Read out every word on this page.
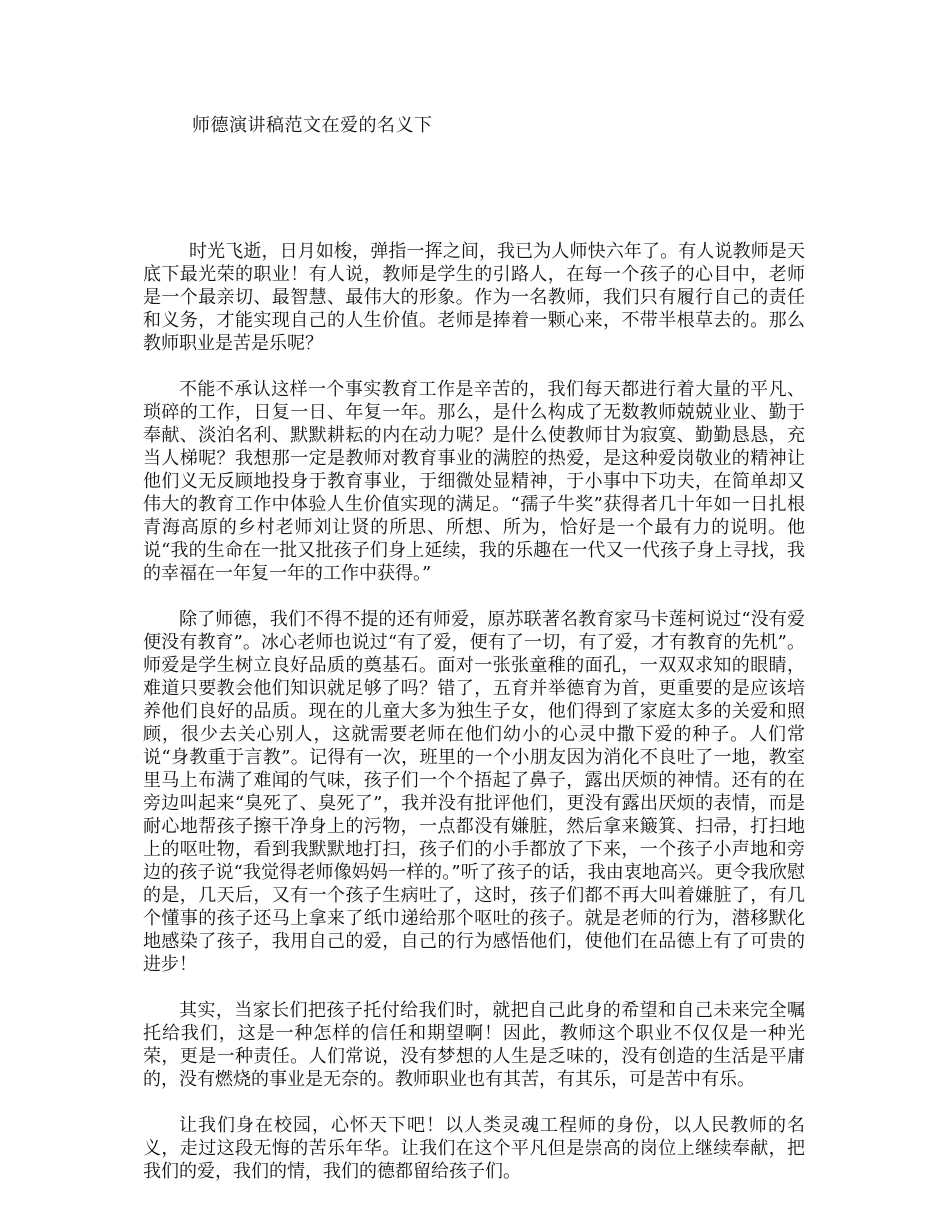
师德演讲稿范文在爱的名义下

时光飞逝，日月如梭，弹指一挥之间，我已为人师快六年了。有人说教师是天底下最光荣的职业！有人说，教师是学生的引路人，在每一个孩子的心目中，老师是一个最亲切、最智慧、最伟大的形象。作为一名教师，我们只有履行自己的责任和义务，才能实现自己的人生价值。老师是捧着一颗心来，不带半根草去的。那么教师职业是苦是乐呢？

不能不承认这样一个事实教育工作是辛苦的，我们每天都进行着大量的平凡、琐碎的工作，日复一日、年复一年。那么，是什么构成了无数教师兢兢业业、勤于奉献、淡泊名利、默默耕耘的内在动力呢？是什么使教师甘为寂寞、勤勤恳恳，充当人梯呢？我想那一定是教师对教育事业的满腔的热爱，是这种爱岗敬业的精神让他们义无反顾地投身于教育事业，于细微处显精神，于小事中下功夫，在简单却又伟大的教育工作中体验人生价值实现的满足。“孺子牛奖”获得者几十年如一日扎根青海高原的乡村老师刘让贤的所思、所想、所为，恰好是一个最有力的说明。他说“我的生命在一批又批孩子们身上延续，我的乐趣在一代又一代孩子身上寻找，我的幸福在一年复一年的工作中获得。”

除了师德，我们不得不提的还有师爱，原苏联著名教育家马卡莲柯说过“没有爱便没有教育”。冰心老师也说过“有了爱，便有了一切，有了爱，才有教育的先机”。师爱是学生树立良好品质的奠基石。面对一张张童稚的面孔，一双双求知的眼睛，难道只要教会他们知识就足够了吗？错了，五育并举德育为首，更重要的是应该培养他们良好的品质。现在的儿童大多为独生子女，他们得到了家庭太多的关爱和照顾，很少去关心别人，这就需要老师在他们幼小的心灵中撒下爱的种子。人们常说“身教重于言教”。记得有一次，班里的一个小朋友因为消化不良吐了一地，教室里马上布满了难闻的气味，孩子们一个个捂起了鼻子，露出厌烦的神情。还有的在旁边叫起来“臭死了、臭死了”，我并没有批评他们，更没有露出厌烦的表情，而是耐心地帮孩子擦干净身上的污物，一点都没有嫌脏，然后拿来簸箕、扫帚，打扫地上的呕吐物，看到我默默地打扫，孩子们的小手都放了下来，一个孩子小声地和旁边的孩子说“我觉得老师像妈妈一样的。”听了孩子的话，我由衷地高兴。更令我欣慰的是，几天后，又有一个孩子生病吐了，这时，孩子们都不再大叫着嫌脏了，有几个懂事的孩子还马上拿来了纸巾递给那个呕吐的孩子。就是老师的行为，潜移默化地感染了孩子，我用自己的爱，自己的行为感悟他们，使他们在品德上有了可贵的进步！

其实，当家长们把孩子托付给我们时，就把自己此身的希望和自己未来完全嘱托给我们，这是一种怎样的信任和期望啊！因此，教师这个职业不仅仅是一种光荣，更是一种责任。人们常说，没有梦想的人生是乏味的，没有创造的生活是平庸的，没有燃烧的事业是无奈的。教师职业也有其苦，有其乐，可是苦中有乐。

让我们身在校园，心怀天下吧！以人类灵魂工程师的身份，以人民教师的名义，走过这段无悔的苦乐年华。让我们在这个平凡但是崇高的岗位上继续奉献，把我们的爱，我们的情，我们的德都留给孩子们。
